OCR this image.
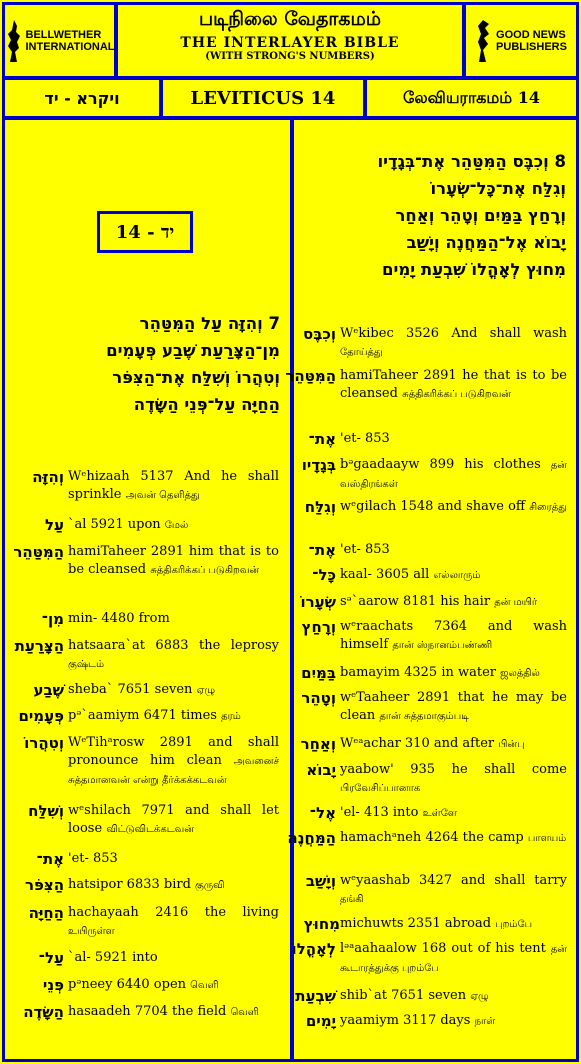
BELLWETHER
INTERNATIONAL
படிநிலை வேதாகமம்
THE INTERLAYER BIBLE
(WITH STRONG'S NUMBERS)
GOOD NEWS
PUBLISHERS
ויקרא - יד	LEVITICUS 14	லேவியராகமம் 14
14 - יד
7 וְהִזָּה עַל הַמִּטַּהֵר
מִן־הַצָּרַעַת שֶׁבַע פְּעָמִים
וְטִהֲרוֹ וְשִׁלַּח אֶת־הַצִּפֹּר
הַחַיָּה עַל־פְּנֵי הַשָּׂדֶה
8 וְכִבֶּס הַמִּטַּהֵר אֶת־בְּגָדָיו
וְגִלַּח אֶת־כָּל־שְׂעָרוֹ
וְרָחַץ בַּמַּיִם וְטָהֵר וְאַחַר
יָבוֹא אֶל־הַמַּחֲנֶה וְיָשַׁב
מִחוּץ לְאָהֳלוֹ שִׁבְעַת יָמִים
וְהִזָּה Wᵉhizaah 5137 And he shall sprinkle அவன் தெளித்து
עַל `al 5921 upon மேல்
הַמִּטַּהֵר hamiTaheer 2891 him that is to be cleansed சுத்திகரிக்கப் படுகிறவன்
מִן־ min- 4480 from
הַצָּרַעַת hatsaara`at 6883 the leprosy குஷ்டம்
שֶׁבַע sheba` 7651 seven ஏழு
פְּעָמִים pᵊ`aamiym 6471 times தரம்
וְטִהֲרוֹ WᵉTihᵃrosw 2891 and shall pronounce him clean அவனைச் சுத்தமானவன் என்று தீர்க்கக்கடவன்
וְשִׁלַּח wᵉshilach 7971 and shall let loose விட்டுவிடக்கடவன்
אֶת־ 'et- 853
הַצִּפֹּר hatsipor 6833 bird குருவி
הַחַיָּה hachayaah 2416 the living உயிருள்ள
עַל־ `al- 5921 into
פְּנֵי pᵊneey 6440 open வெளி
הַשָּׂדֶה hasaadeh 7704 the field வெளி
וְכִבֶּס Wᵉkibec 3526 And shall wash தோய்த்து
הַמִּטַּהֵר hamiTaheer 2891 he that is to be cleansed சுத்திகரிக்கப் படுகிறவன்
אֶת־ 'et- 853
בְּגָדָיו bᵊgaadaayw 899 his clothes தன் வஸ்திரங்கள்
וְגִלַּח wᵉgilach 1548 and shave off சிரைத்து
אֶת־ 'et- 853
כָּל־ kaal- 3605 all எல்லாரும்
שְׂעָרוֹ sᵊ`aarow 8181 his hair தன் மயிர்
וְרָחַץ wᵉraachats 7364 and wash himself தான் ஸ்நானம்பண்ணி
בַּמַּיִם bamayim 4325 in water ஜலத்தில்
וְטָהֵר wᵉTaaheer 2891 that he may be clean தான் சுத்தமாகும்படி
וְאַחַר Wᵉᵃachar 310 and after பின்பு
יָבוֹא yaabow' 935 he shall come பிரவேசிப்பானாக
אֶל־ 'el- 413 into உள்ளே
הַמַּחֲנֶה hamachᵃneh 4264 the camp பாளயம்
וְיָשַׁב wᵉyaashab 3427 and shall tarry தங்கி
מִחוּץ michuwts 2351 abroad புறம்பே
לְאָהֳלוֹ lᵊᵃaahaalow 168 out of his tent தன் கூடாரத்துக்கு புறம்பே
שִׁבְעַת shib`at 7651 seven ஏழு
יָמִים yaamiym 3117 days நாள்
